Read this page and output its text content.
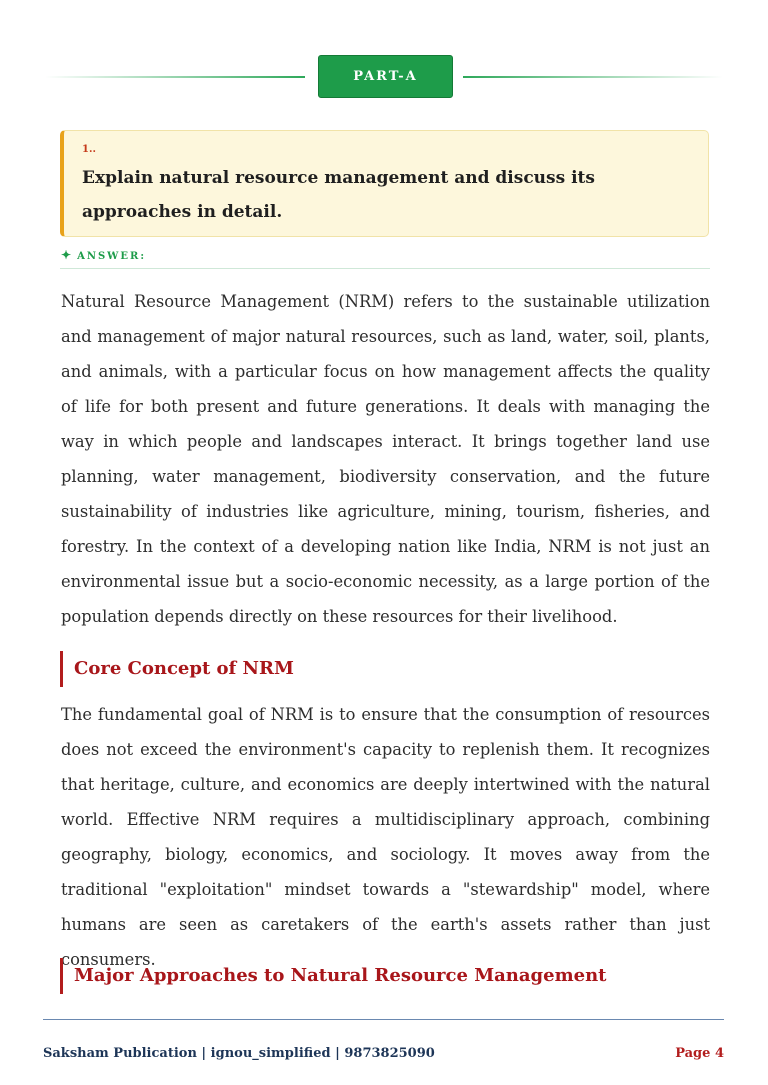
PART-A
1..
Explain natural resource management and discuss its approaches in detail.
✦ ANSWER:
Natural Resource Management (NRM) refers to the sustainable utilization and management of major natural resources, such as land, water, soil, plants, and animals, with a particular focus on how management affects the quality of life for both present and future generations. It deals with managing the way in which people and landscapes interact. It brings together land use planning, water management, biodiversity conservation, and the future sustainability of industries like agriculture, mining, tourism, fisheries, and forestry. In the context of a developing nation like India, NRM is not just an environmental issue but a socio-economic necessity, as a large portion of the population depends directly on these resources for their livelihood.
Core Concept of NRM
The fundamental goal of NRM is to ensure that the consumption of resources does not exceed the environment's capacity to replenish them. It recognizes that heritage, culture, and economics are deeply intertwined with the natural world. Effective NRM requires a multidisciplinary approach, combining geography, biology, economics, and sociology. It moves away from the traditional "exploitation" mindset towards a "stewardship" model, where humans are seen as caretakers of the earth's assets rather than just consumers.
Major Approaches to Natural Resource Management
Saksham Publication | ignou_simplified | 9873825090	Page 4
